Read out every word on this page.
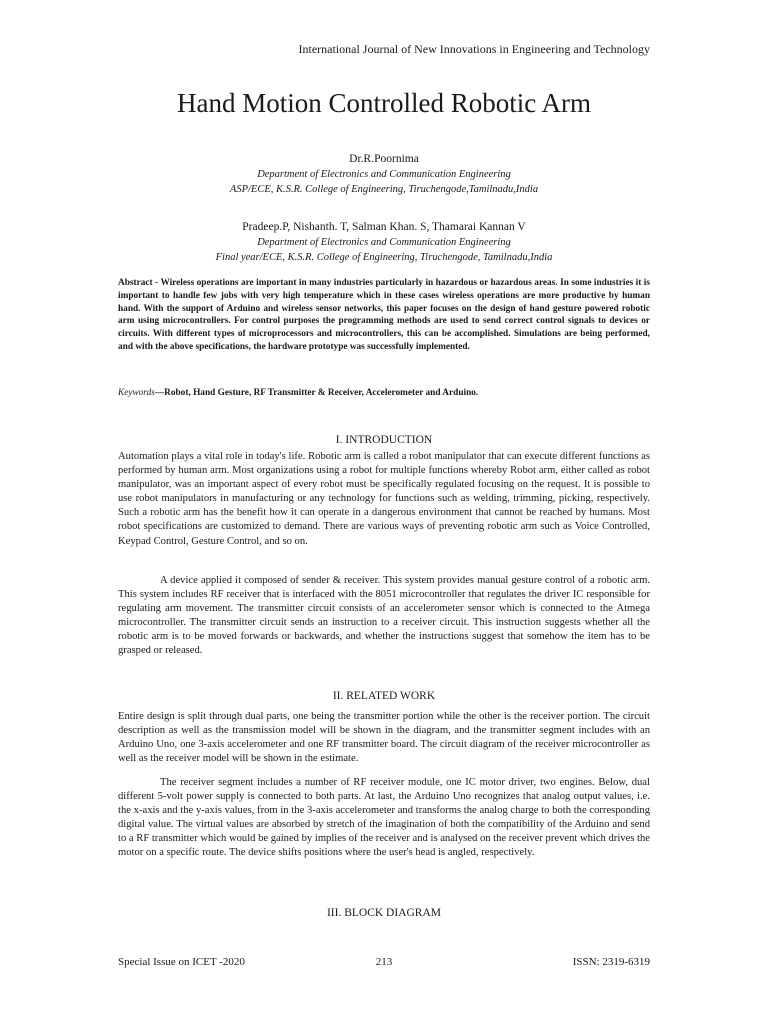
International Journal of New Innovations in Engineering and Technology
Hand Motion Controlled Robotic Arm
Dr.R.Poornima
Department of Electronics and Communication Engineering
ASP/ECE, K.S.R. College of Engineering, Tiruchengode,Tamilnadu,India
Pradeep.P, Nishanth. T, Salman Khan. S, Thamarai Kannan V
Department of Electronics and Communication Engineering
Final year/ECE, K.S.R. College of Engineering, Tiruchengode, Tamilnadu,India

Abstract - Wireless operations are important in many industries particularly in hazardous or hazardous areas. In some industries it is important to handle few jobs with very high temperature which in these cases wireless operations are more productive by human hand. With the support of Arduino and wireless sensor networks, this paper focuses on the design of hand gesture powered robotic arm using microcontrollers. For control purposes the programming methods are used to send correct control signals to devices or circuits. With different types of microprocessors and microcontrollers, this can be accomplished. Simulations are being performed, and with the above specifications, the hardware prototype was successfully implemented.

Keywords—Robot, Hand Gesture, RF Transmitter & Receiver, Accelerometer and Arduino.

I. INTRODUCTION

Automation plays a vital role in today's life. Robotic arm is called a robot manipulator that can execute different functions as performed by human arm. Most organizations using a robot for multiple functions whereby Robot arm, either called as robot manipulator, was an important aspect of every robot must be specifically regulated focusing on the request. It is possible to use robot manipulators in manufacturing or any technology for functions such as welding, trimming, picking, respectively. Such a robotic arm has the benefit how it can operate in a dangerous environment that cannot be reached by humans. Most robot specifications are customized to demand. There are various ways of preventing robotic arm such as Voice Controlled, Keypad Control, Gesture Control, and so on.

A device applied it composed of sender & receiver. This system provides manual gesture control of a robotic arm. This system includes RF receiver that is interfaced with the 8051 microcontroller that regulates the driver IC responsible for regulating arm movement. The transmitter circuit consists of an accelerometer sensor which is connected to the Atmega microcontroller. The transmitter circuit sends an instruction to a receiver circuit. This instruction suggests whether all the robotic arm is to be moved forwards or backwards, and whether the instructions suggest that somehow the item has to be grasped or released.

II. RELATED WORK

Entire design is split through dual parts, one being the transmitter portion while the other is the receiver portion. The circuit description as well as the transmission model will be shown in the diagram, and the transmitter segment includes with an Arduino Uno, one 3-axis accelerometer and one RF transmitter board. The circuit diagram of the receiver microcontroller as well as the receiver model will be shown in the estimate.

The receiver segment includes a number of RF receiver module, one IC motor driver, two engines. Below, dual different 5-volt power supply is connected to both parts. At last, the Arduino Uno recognizes that analog output values, i.e. the x-axis and the y-axis values, from in the 3-axis accelerometer and transforms the analog charge to both the corresponding digital value. The virtual values are absorbed by stretch of the imagination of both the compatibility of the Arduino and send to a RF transmitter which would be gained by implies of the receiver and is analysed on the receiver prevent which drives the motor on a specific route. The device shifts positions where the user's head is angled, respectively.

III. BLOCK DIAGRAM
Special Issue on ICET -2020	213	ISSN: 2319-6319
